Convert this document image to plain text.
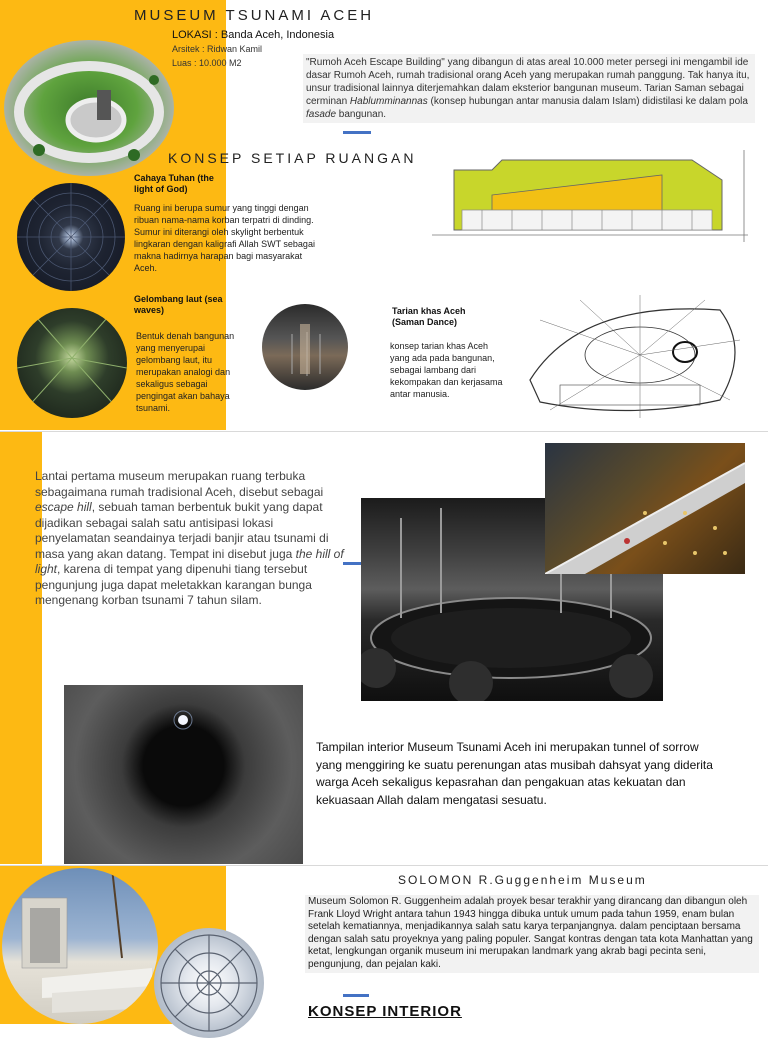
MUSEUM TSUNAMI ACEH
LOKASI : Banda Aceh, Indonesia
Arsitek : Ridwan Kamil
Luas : 10.000 M2	"Rumoh Aceh Escape Building" yang dibangun di atas areal 10.000 meter persegi ini mengambil ide dasar Rumoh Aceh, rumah tradisional orang Aceh yang merupakan rumah panggung. Tak hanya itu, unsur tradisional lainnya diterjemahkan dalam eksterior bangunan museum. Tarian Saman sebagai cerminan Hablumminannas (konsep hubungan antar manusia dalam Islam) didistilasi ke dalam pola fasade bangunan.
KONSEP SETIAP RUANGAN
Cahaya Tuhan (the light of God)
Ruang ini berupa sumur yang tinggi dengan ribuan nama-nama korban terpatri di dinding. Sumur ini diterangi oleh skylight berbentuk lingkaran dengan kaligrafi Allah SWT sebagai makna hadirnya harapan bagi masyarakat Aceh.
Gelombang laut (sea waves)
Bentuk denah bangunan yang menyerupai gelombang laut, itu merupakan analogi dan sekaligus sebagai pengingat akan bahaya tsunami.
Tarian khas Aceh (Saman Dance)
konsep tarian khas Aceh yang ada pada bangunan, sebagai lambang dari kekompakan dan kerjasama antar manusia.
Lantai pertama museum merupakan ruang terbuka sebagaimana rumah tradisional Aceh, disebut sebagai escape hill, sebuah taman berbentuk bukit yang dapat dijadikan sebagai salah satu antisipasi lokasi penyelamatan seandainya terjadi banjir atau tsunami di masa yang akan datang. Tempat ini disebut juga the hill of light, karena di tempat yang dipenuhi tiang tersebut pengunjung juga dapat meletakkan karangan bunga mengenang korban tsunami 7 tahun silam.
Tampilan interior Museum Tsunami Aceh ini merupakan tunnel of sorrow yang menggiring ke suatu perenungan atas musibah dahsyat yang diderita warga Aceh sekaligus kepasrahan dan pengakuan atas kekuatan dan kekuasaan Allah dalam mengatasi sesuatu.
SOLOMON R.Guggenheim Museum
Museum Solomon R. Guggenheim adalah proyek besar terakhir yang dirancang dan dibangun oleh Frank Lloyd Wright antara tahun 1943 hingga dibuka untuk umum pada tahun 1959, enam bulan setelah kematiannya, menjadikannya salah satu karya terpanjangnya. dalam penciptaan bersama dengan salah satu proyeknya yang paling populer. Sangat kontras dengan tata kota Manhattan yang ketat, lengkungan organik museum ini merupakan landmark yang akrab bagi pecinta seni, pengunjung, dan pejalan kaki.
KONSEP INTERIOR
